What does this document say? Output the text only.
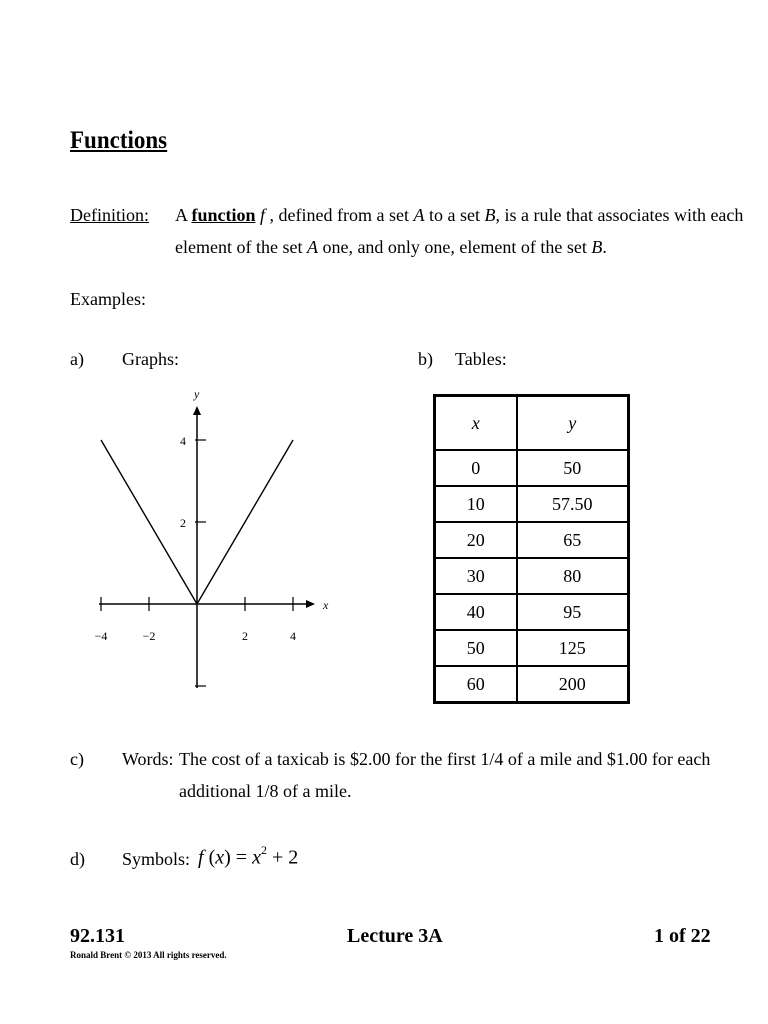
Functions
Definition: A function f , defined from a set A to a set B, is a rule that associates with each
element of the set A one, and only one, element of the set B.
Examples:
a) Graphs:	b) Tables:
x
y
−4	−2	2	4
4
2
x	y
0	50
10	57.50
20	65
30	80
40	95
50	125
60	200
c) Words: The cost of a taxicab is $2.00 for the first 1/4 of a mile and $1.00 for each
additional 1/8 of a mile.
d) Symbols: f $(x) = x^2 + 2$
92.131	Lecture 3A	1 of 22
Ronald Brent © 2013 All rights reserved.
